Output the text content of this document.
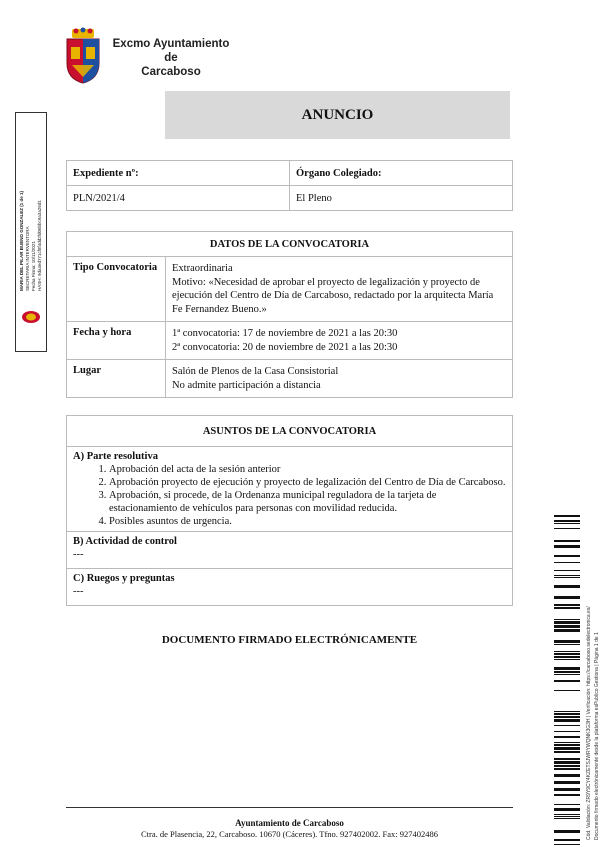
Excmo Ayuntamiento
de
Carcaboso
ANUNCIO
MARIA DEL PILAR BUENO GONZALEZ (1 de 1) SECRETARIA INTERVENTORA Fecha Firma: 10/11/2021 HASH: 9da4ed771cf8f4dd2fd06bbc9a3a26d1
Expediente nº:	Órgano Colegiado:
PLN/2021/4	El Pleno
DATOS DE LA CONVOCATORIA	
Tipo Convocatoria	Extraordinaria
Motivo: «Necesidad de aprobar el proyecto de legalización y proyecto de ejecución del Centro de Día de Carcaboso, redactado por la arquitecta María Fe Fernandez Bueno.»

Fecha y hora	1ª convocatoria: 17 de noviembre de 2021 a las 20:30
2ª convocatoria: 20 de noviembre de 2021 a las 20:30

Lugar	Salón de Plenos de la Casa Consistorial
No admite participación a distancia
ASUNTOS DE LA CONVOCATORIA

A) Parte resolutiva
1. Aprobación del acta de la sesión anterior
2. Aprobación proyecto de ejecución y proyecto de legalización del Centro de Día de Carcaboso.
3. Aprobación, si procede, de la Ordenanza municipal reguladora de la tarjeta de estacionamiento de vehículos para personas con movilidad reducida.
4. Posibles asuntos de urgencia.

B) Actividad de control
---

C) Ruegos y preguntas
---
DOCUMENTO FIRMADO ELECTRÓNICAMENTE	Cód. Validación: ZR9Y9CY4KZETSJWRYWQNK3G3H | Verificación: https://carcaboso.sedelectronica.es/ Documento firmado electrónicamente desde la plataforma esPublico Gestiona | Página 1 de 1
Ayuntamiento de Carcaboso
Ctra. de Plasencia, 22, Carcaboso. 10670 (Cáceres). Tfno. 927402002. Fax: 927402486
